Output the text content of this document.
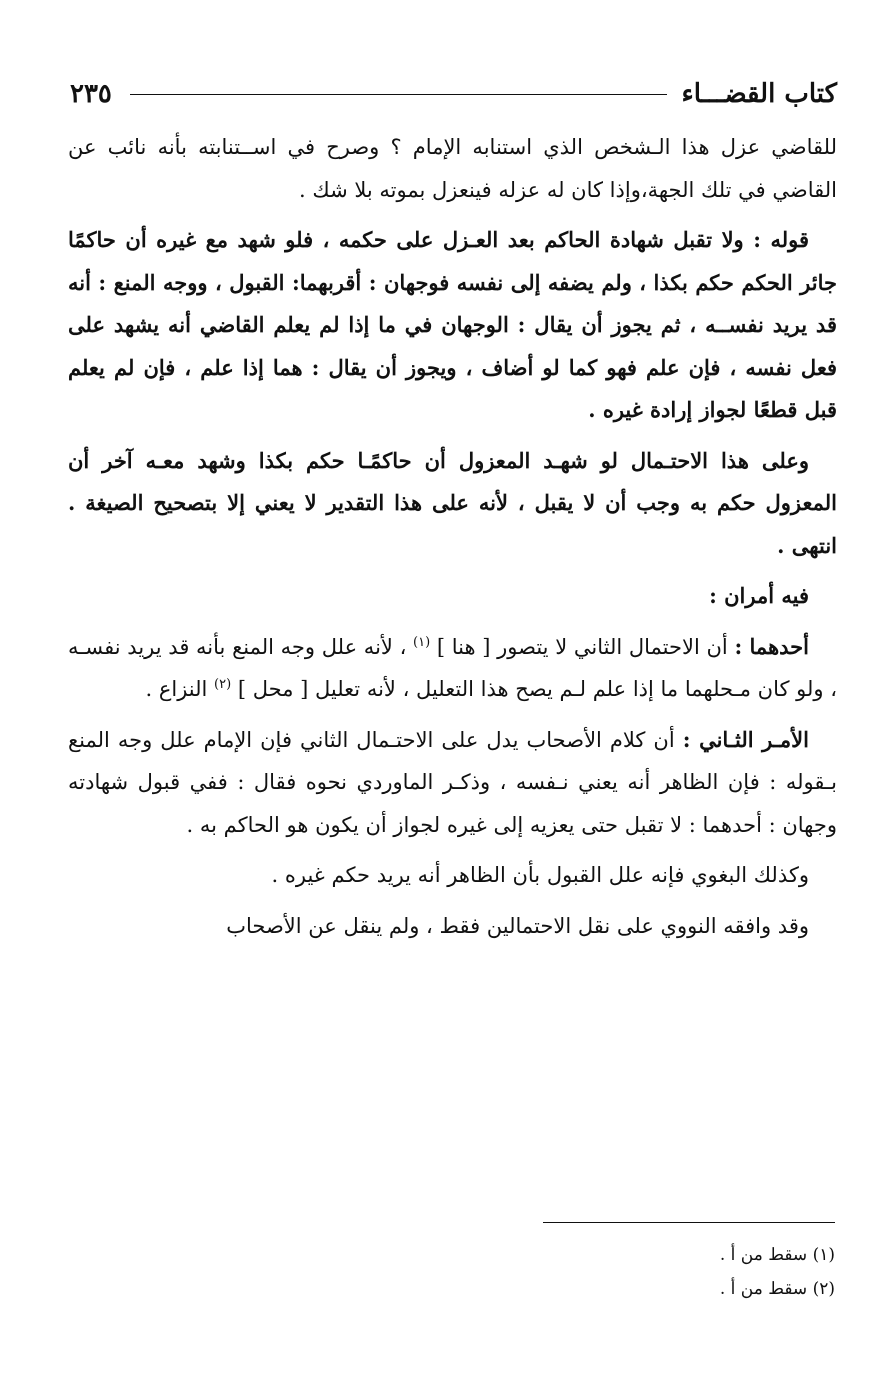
كتاب القضـــاء
٢٣٥

للقاضي عزل هذا الـشخص الذي استنابه الإمام ؟ وصرح في اســتنابته بأنه نائب عن القاضي في تلك الجهة،وإذا كان له عزله فينعزل بموته بلا شك .

قوله : ولا تقبل شهادة الحاكم بعد العـزل على حكمه ، فلو شهد مع غيره أن حاكمًا جائر الحكم حكم بكذا ، ولم يضفه إلى نفسه فوجهان : أقربهما: القبول ، ووجه المنع : أنه قد يريد نفســه ، ثم يجوز أن يقال : الوجهان في ما إذا لم يعلم القاضي أنه يشهد على فعل نفسه ، فإن علم فهو كما لو أضاف ، ويجوز أن يقال : هما إذا علم ، فإن لم يعلم قبل قطعًا لجواز إرادة غيره .

وعلى هذا الاحتـمال لو شهـد المعزول أن حاكمًـا حكم بكذا وشهد معـه آخر أن المعزول حكم به وجب أن لا يقبل ، لأنه على هذا التقدير لا يعني إلا بتصحيح الصيغة . انتهى .

فيه أمران :

أحدهما : أن الاحتمال الثاني لا يتصور [ هنا ] $^{(١)}$ ، لأنه علل وجه المنع بأنه قد يريد نفسـه ، ولو كان مـحلهما ما إذا علم لـم يصح هذا التعليل ، لأنه تعليل [ محل ] $^{(٢)}$ النزاع .

الأمـر الثـاني : أن كلام الأصحاب يدل على الاحتـمال الثاني فإن الإمام علل وجه المنع بـقوله : فإن الظاهر أنه يعني نـفسه ، وذكـر الماوردي نحوه فقال : ففي قبول شهادته وجهان : أحدهما : لا تقبل حتى يعزيه إلى غيره لجواز أن يكون هو الحاكم به .

وكذلك البغوي فإنه علل القبول بأن الظاهر أنه يريد حكم غيره .

وقد وافقه النووي على نقل الاحتمالين فقط ، ولم ينقل عن الأصحاب

(١) سقط من أ .

(٢) سقط من أ .
